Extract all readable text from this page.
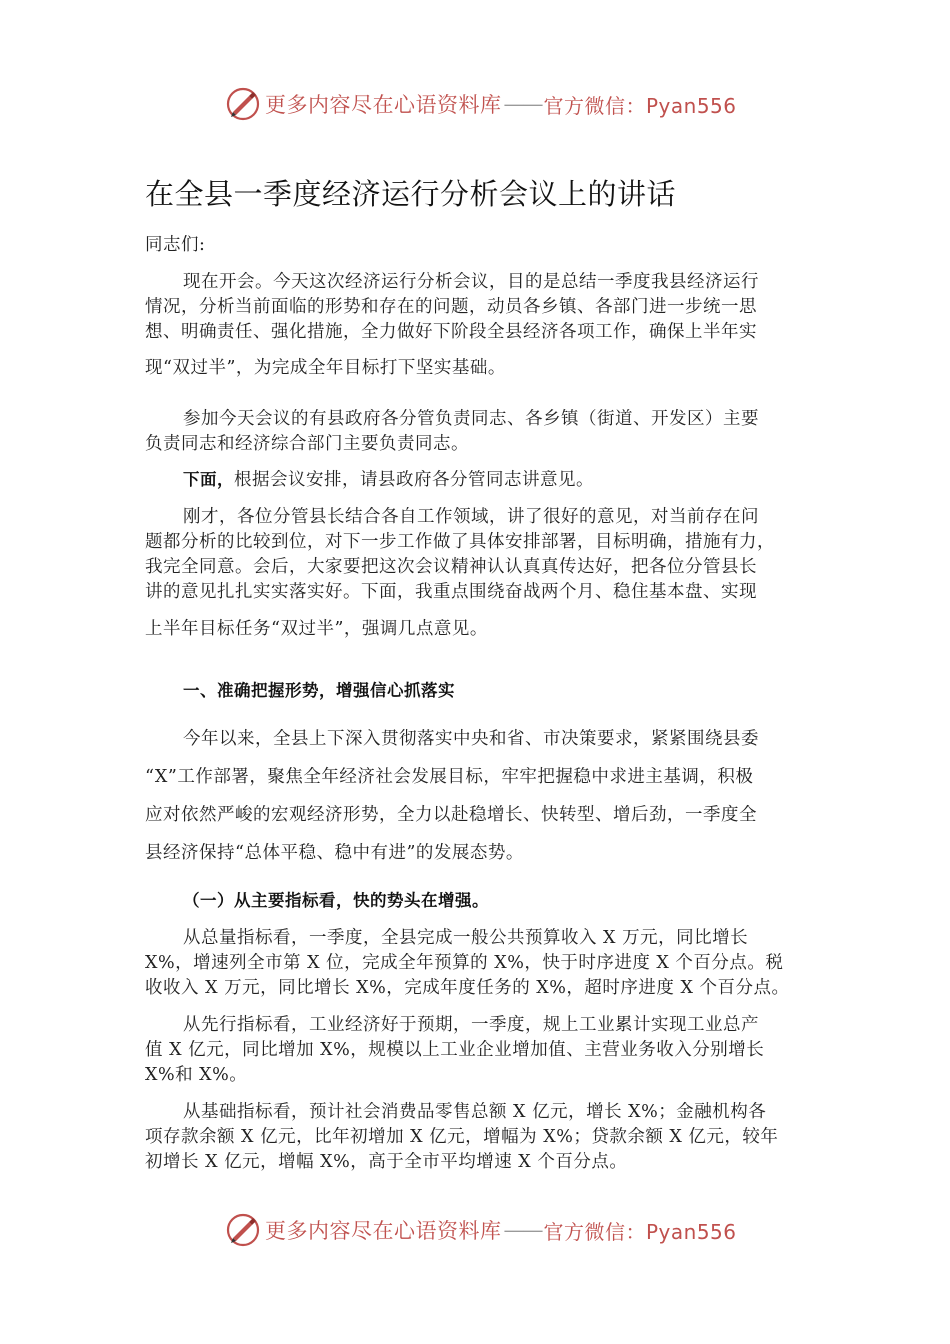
更多内容尽在心语资料库 —— 官方微信：Pyan556
在全县一季度经济运行分析会议上的讲话
同志们:
现在开会。今天这次经济运行分析会议，目的是总结一季度我县经济运行
情况，分析当前面临的形势和存在的问题，动员各乡镇、各部门进一步统一思
想、明确责任、强化措施，全力做好下阶段全县经济各项工作，确保上半年实
现“双过半”，为完成全年目标打下坚实基础。
参加今天会议的有县政府各分管负责同志、各乡镇（街道、开发区）主要
负责同志和经济综合部门主要负责同志。
下面，根据会议安排，请县政府各分管同志讲意见。
刚才，各位分管县长结合各自工作领域，讲了很好的意见，对当前存在问
题都分析的比较到位，对下一步工作做了具体安排部署，目标明确，措施有力，
我完全同意。会后，大家要把这次会议精神认认真真传达好，把各位分管县长
讲的意见扎扎实实落实好。下面，我重点围绕奋战两个月、稳住基本盘、实现
上半年目标任务“双过半”，强调几点意见。
一、准确把握形势，增强信心抓落实
今年以来，全县上下深入贯彻落实中央和省、市决策要求，紧紧围绕县委
“X”工作部署，聚焦全年经济社会发展目标，牢牢把握稳中求进主基调，积极
应对依然严峻的宏观经济形势，全力以赴稳增长、快转型、增后劲，一季度全
县经济保持“总体平稳、稳中有进”的发展态势。
（一）从主要指标看，快的势头在增强。
从总量指标看，一季度，全县完成一般公共预算收入 X 万元，同比增长
X%，增速列全市第 X 位，完成全年预算的 X%，快于时序进度 X 个百分点。税
收收入 X 万元，同比增长 X%，完成年度任务的 X%，超时序进度 X 个百分点。
从先行指标看，工业经济好于预期，一季度，规上工业累计实现工业总产
值 X 亿元，同比增加 X%，规模以上工业企业增加值、主营业务收入分别增长
X%和 X%。
从基础指标看，预计社会消费品零售总额 X 亿元，增长 X%；金融机构各
项存款余额 X 亿元，比年初增加 X 亿元，增幅为 X%；贷款余额 X 亿元，较年
初增长 X 亿元，增幅 X%，高于全市平均增速 X 个百分点。
更多内容尽在心语资料库 —— 官方微信：Pyan556
